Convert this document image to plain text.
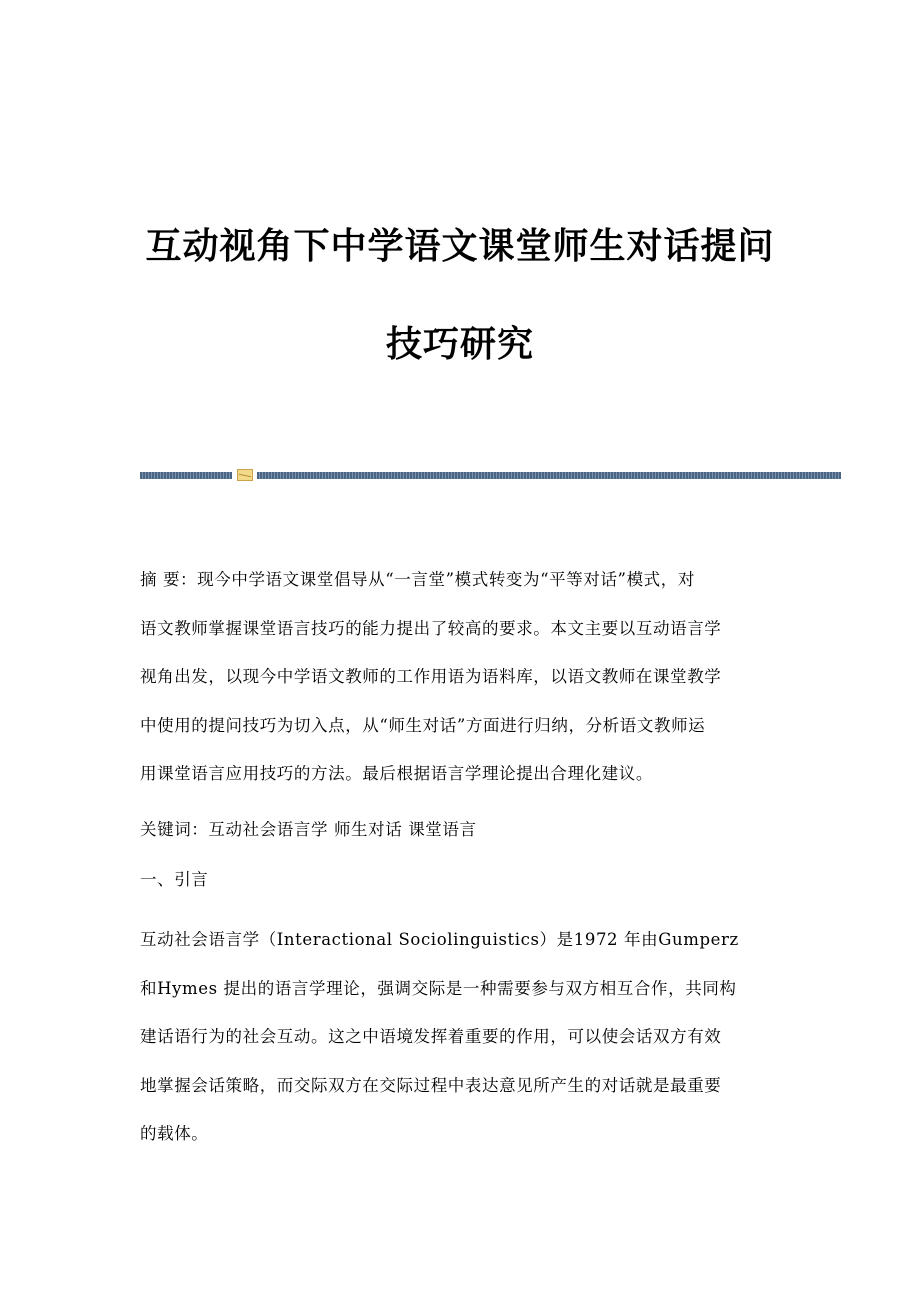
互动视角下中学语文课堂师生对话提问
技巧研究
摘 要：现今中学语文课堂倡导从“一言堂”模式转变为“平等对话”模式，对
语文教师掌握课堂语言技巧的能力提出了较高的要求。本文主要以互动语言学
视角出发，以现今中学语文教师的工作用语为语料库，以语文教师在课堂教学
中使用的提问技巧为切入点，从“师生对话”方面进行归纳，分析语文教师运
用课堂语言应用技巧的方法。最后根据语言学理论提出合理化建议。
关键词：互动社会语言学 师生对话 课堂语言
一、引言
互动社会语言学（Interactional Sociolinguistics）是1972 年由Gumperz
和Hymes 提出的语言学理论，强调交际是一种需要参与双方相互合作，共同构
建话语行为的社会互动。这之中语境发挥着重要的作用，可以使会话双方有效
地掌握会话策略，而交际双方在交际过程中表达意见所产生的对话就是最重要
的载体。
